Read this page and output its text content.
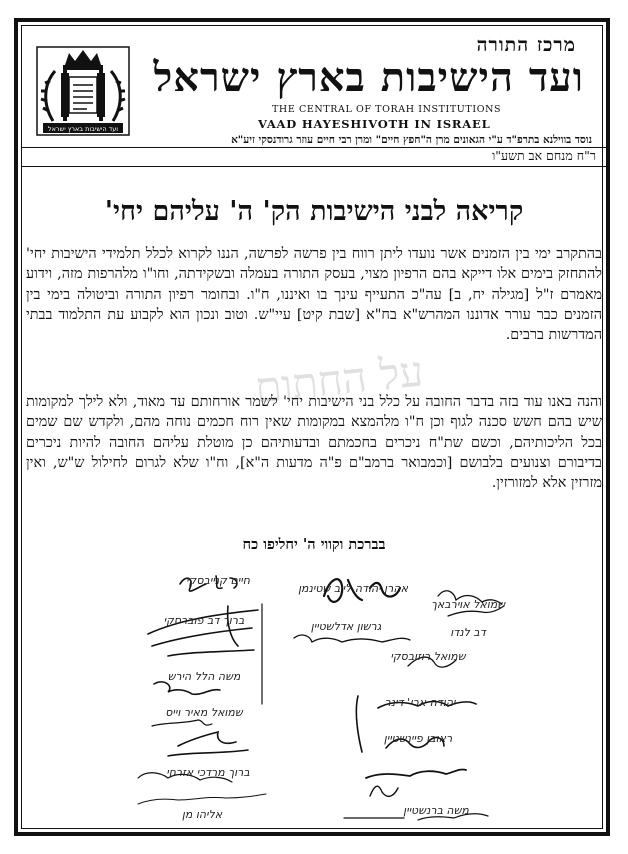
ועד הישיבות בארץ ישראל
מרכז התורה
ועד הישיבות בארץ ישראל
THE CENTRAL OF TORAH INSTITUTIONS
VAAD HAYESHIVOTH IN ISRAEL
נוסד בווילנא בתרפ"ד ע"י הגאונים מרן ה"חפץ חיים" ומרן רבי חיים עוזר גרודנסקי זיע"א
ר"ח מנחם אב תשע"ו
קריאה לבני הישיבות הק' ה' עליהם יחי'
על החתום

בהתקרב ימי בין הזמנים אשר נועדו ליתן רווח בין פרשה לפרשה, הננו לקרוא לכלל תלמידי הישיבות יחי' להתחזק בימים אלו דייקא בהם הרפיון מצוי, בעסק התורה בעמלה ובשקידתה, וחו"ו מלהרפות מזה, וידוע מאמרם ז"ל [מגילה יח, ב] עה"כ התעייף עינך בו ואיננו, ח"ו. ובחומר רפיון התורה וביטולה בימי בין הזמנים כבר עורר אדוננו המהרש"א בח"א [שבת קיט] עיי"ש. וטוב ונכון הוא לקבוע עת התלמוד בבתי המדרשות ברבים.

והנה באנו עוד בזה בדבר החובה על כלל בני הישיבות יחי' לשמר אורחותם עד מאוד, ולא לילך למקומות שיש בהם חשש סכנה לגוף וכן ח"ו מלהמצא במקומות שאין רוח חכמים נוחה מהם, ולקדש שם שמים בכל הליכותיהם, וכשם שת"ח ניכרים בחכמתם ובדעותיהם כן מוטלת עליהם החובה להיות ניכרים בדיבורם וצנועים בלבושם [וכמבואר ברמב"ם פ"ה מדעות ה"א], וח"ו שלא לגרום לחילול ש"ש, ואין מזרזין אלא למזורזין.

בברכת וקווי ה' יחליפו כח
חיים קנייבסקי
אהרן יהודה לייב שטינמן
שמואל אוירבאך
גרשון אדלשטיין	דב לנדו
ברוך דב פוברסקי
שמואל רוזובסקי
משה הלל הירש
שמואל מאיר וייס
יהודה ארי' דינר
ברוך מרדכי אזרחי
ראובן פיינשטיין
משה ברנשטיין
אליהו מן
